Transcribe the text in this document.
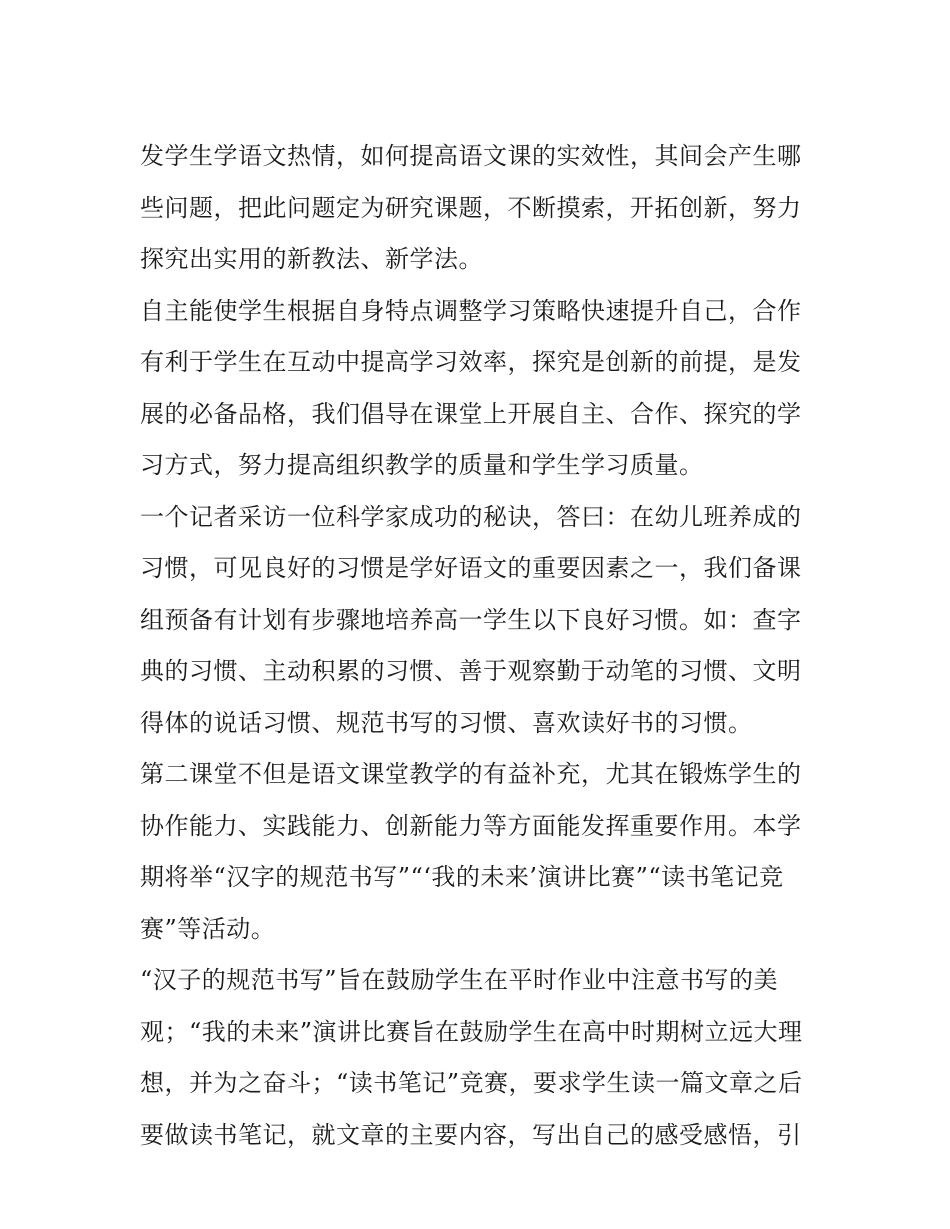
发学生学语文热情，如何提高语文课的实效性，其间会产生哪
些问题，把此问题定为研究课题，不断摸索，开拓创新，努力
探究出实用的新教法、新学法。
自主能使学生根据自身特点调整学习策略快速提升自己，合作
有利于学生在互动中提高学习效率，探究是创新的前提，是发
展的必备品格，我们倡导在课堂上开展自主、合作、探究的学
习方式，努力提高组织教学的质量和学生学习质量。
一个记者采访一位科学家成功的秘诀，答曰：在幼儿班养成的
习惯，可见良好的习惯是学好语文的重要因素之一，我们备课
组预备有计划有步骤地培养高一学生以下良好习惯。如：查字
典的习惯、主动积累的习惯、善于观察勤于动笔的习惯、文明
得体的说话习惯、规范书写的习惯、喜欢读好书的习惯。
第二课堂不但是语文课堂教学的有益补充，尤其在锻炼学生的
协作能力、实践能力、创新能力等方面能发挥重要作用。本学
期将举“汉字的规范书写”“‘我的未来’演讲比赛”“读书笔记竞
赛”等活动。
“汉子的规范书写”旨在鼓励学生在平时作业中注意书写的美
观；“我的未来”演讲比赛旨在鼓励学生在高中时期树立远大理
想，并为之奋斗；“读书笔记”竞赛，要求学生读一篇文章之后
要做读书笔记，就文章的主要内容，写出自己的感受感悟，引
